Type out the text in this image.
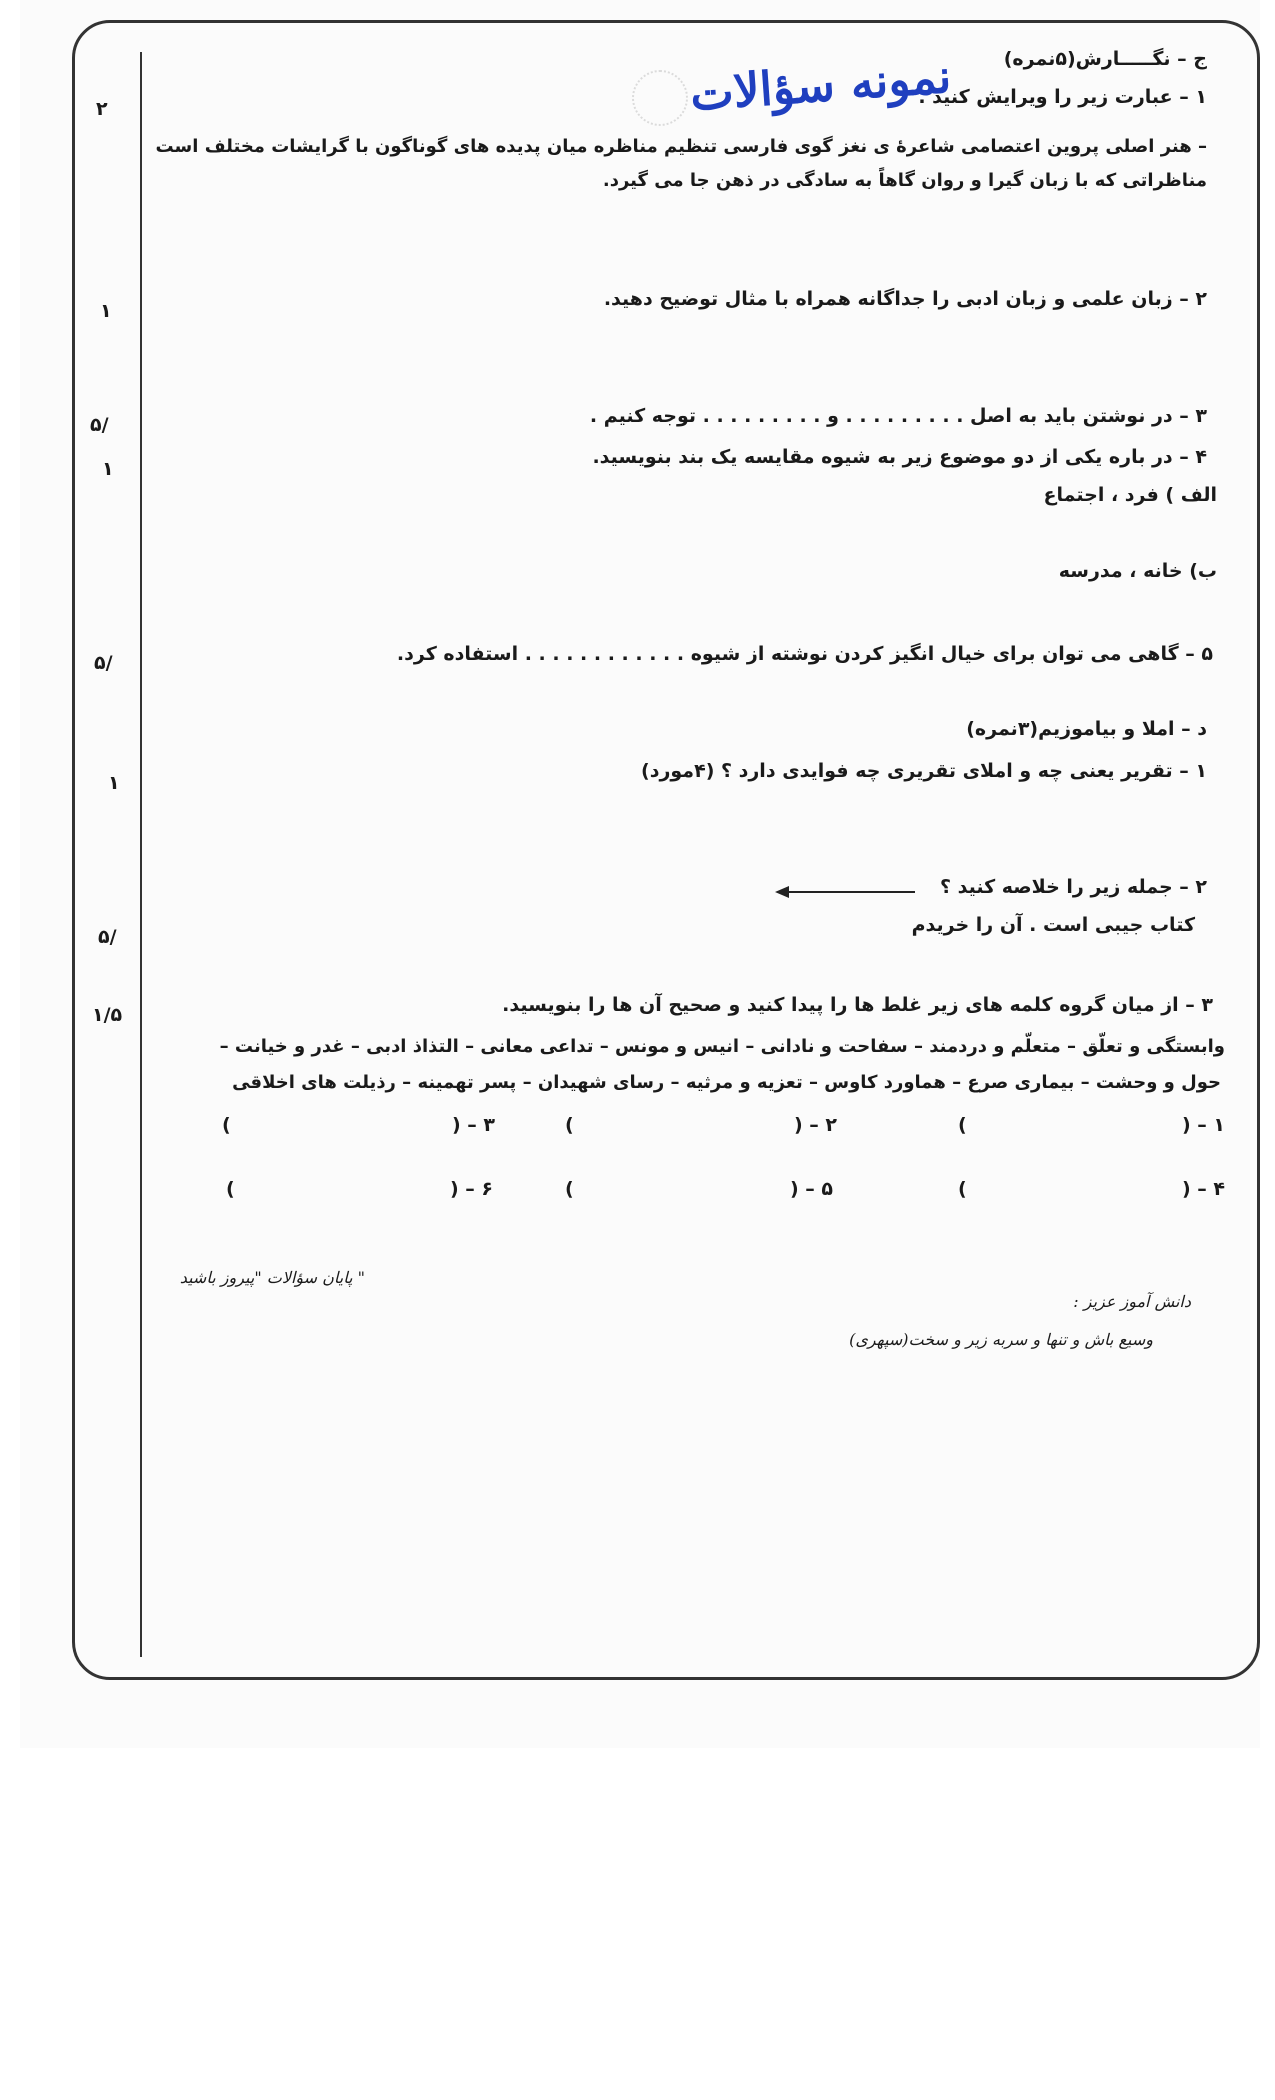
نمونه سؤالات	ج – نگـــــارش(۵نمره)
۱ – عبارت زیر را ویرایش کنید .
– هنر اصلی پروین اعتصامی شاعرهٔ ی نغز گوی فارسی تنظیم مناظره میان پدیده های گوناگون با گرایشات مختلف است
مناظراتی که با زبان گیرا و روان گاهاً به سادگی در ذهن جا می گیرد.
۲
۲ – زبان علمی و زبان ادبی را جداگانه همراه با مثال توضیح دهید.
۱
۳ – در نوشتن باید به اصل . . . . . . . . . و . . . . . . . . . توجه کنیم .
/۵
۴ – در باره یکی از دو موضوع زیر به شیوه مقایسه یک بند بنویسید.
۱
الف ) فرد ، اجتماع
ب) خانه ، مدرسه
۵ – گاهی می توان برای خیال انگیز کردن نوشته از شیوه . . . . . . . . . . . . استفاده کرد.
/۵
د – املا و بیاموزیم(۳نمره)
۱ – تقریر یعنی چه و املای تقریری چه فوایدی دارد ؟ (۴مورد)
۱
۲ – جمله زیر را خلاصه کنید ؟
کتاب جیبی است . آن را خریدم
/۵
۳ – از میان گروه کلمه های زیر غلط ها را پیدا کنید و صحیح آن ها را بنویسید.
۱/۵
وابستگی و تعلّق – متعلّم و دردمند – سفاحت و نادانی – انیس و مونس – تداعی معانی – التذاذ ادبی – غدر و خیانت –
حول و وحشت – بیماری صرع – هماورد کاوس – تعزیه و مرثیه – رسای شهیدان – پسر تهمینه – رذیلت های اخلاقی
۱ – (
)
۲ – (
)
۳ – (
)
۴ – (
)
۵ – (
)
۶ – (
)
" پایان سؤالات "پیروز باشید
دانش آموز عزیز :
وسیع باش و تنها و سربه زیر و سخت(سپهری)
